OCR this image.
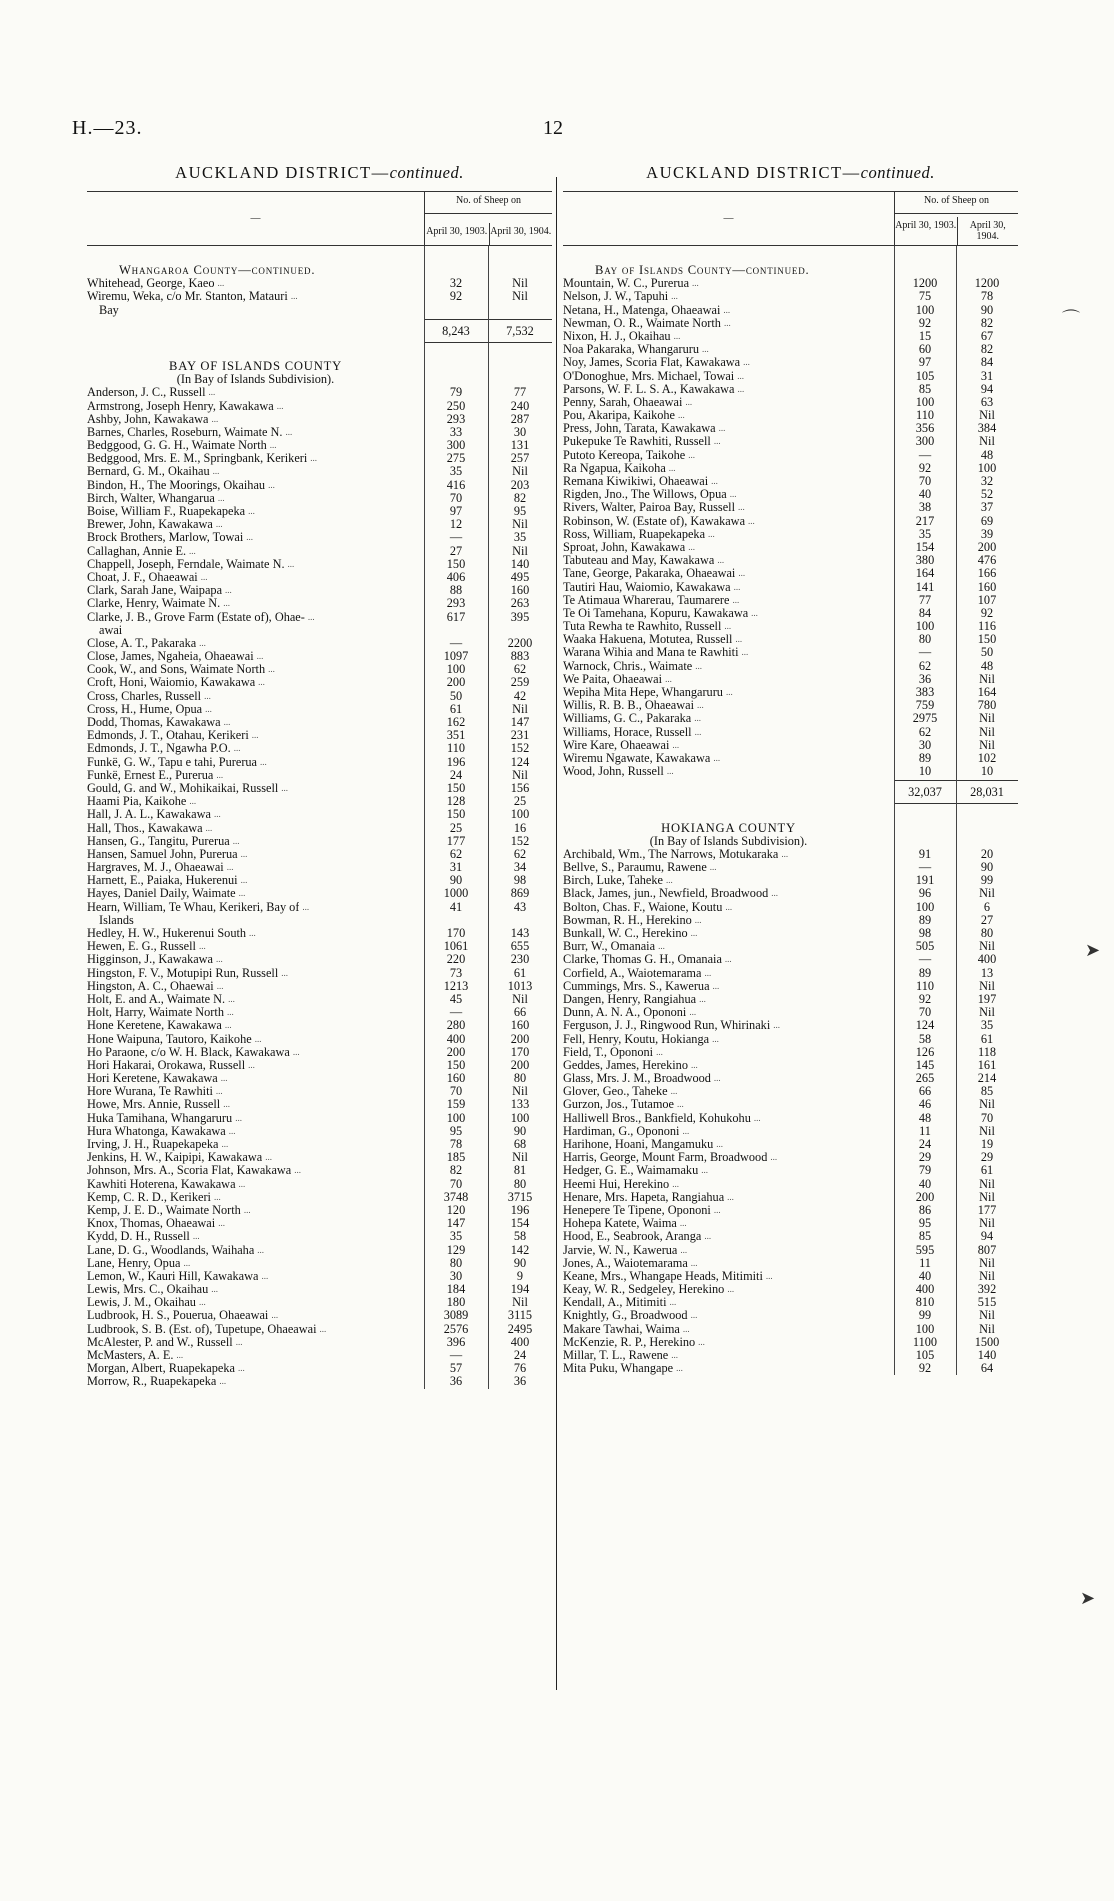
H.—23.	12
AUCKLAND DISTRICT—continued.
—
No. of Sheep on
April 30, 1903. April 30, 1904.
Whangaroa County—continued.
Whitehead, George, Kaeo ...	32	Nil
Wiremu, Weka, c/o Mr. Stanton, Matauri ...	92	Nil
Bay
8,243	7,532
BAY OF ISLANDS COUNTY
(In Bay of Islands Subdivision).
Anderson, J. C., Russell ...	79	77
Armstrong, Joseph Henry, Kawakawa ...	250	240
Ashby, John, Kawakawa ...	293	287
Barnes, Charles, Roseburn, Waimate N. ...	33	30
Bedggood, G. G. H., Waimate North ...	300	131
Bedggood, Mrs. E. M., Springbank, Kerikeri ...	275	257
Bernard, G. M., Okaihau ...	35	Nil
Bindon, H., The Moorings, Okaihau ...	416	203
Birch, Walter, Whangarua ...	70	82
Boise, William F., Ruapekapeka ...	97	95
Brewer, John, Kawakawa ...	12	Nil
Brock Brothers, Marlow, Towai ...	—	35
Callaghan, Annie E. ...	27	Nil
Chappell, Joseph, Ferndale, Waimate N. ...	150	140
Choat, J. F., Ohaeawai ...	406	495
Clark, Sarah Jane, Waipapa ...	88	160
Clarke, Henry, Waimate N. ...	293	263
Clarke, J. B., Grove Farm (Estate of), Ohae- ...	617	395
awai
Close, A. T., Pakaraka ...	—	2200
Close, James, Ngaheia, Ohaeawai ...	1097	883
Cook, W., and Sons, Waimate North ...	100	62
Croft, Honi, Waiomio, Kawakawa ...	200	259
Cross, Charles, Russell ...	50	42
Cross, H., Hume, Opua ...	61	Nil
Dodd, Thomas, Kawakawa ...	162	147
Edmonds, J. T., Otahau, Kerikeri ...	351	231
Edmonds, J. T., Ngawha P.O. ...	110	152
Funkë, G. W., Tapu e tahi, Purerua ...	196	124
Funkë, Ernest E., Purerua ...	24	Nil
Gould, G. and W., Mohikaikai, Russell ...	150	156
Haami Pia, Kaikohe ...	128	25
Hall, J. A. L., Kawakawa ...	150	100
Hall, Thos., Kawakawa ...	25	16
Hansen, G., Tangitu, Purerua ...	177	152
Hansen, Samuel John, Purerua ...	62	62
Hargraves, M. J., Ohaeawai ...	31	34
Harnett, E., Paiaka, Hukerenui ...	90	98
Hayes, Daniel Daily, Waimate ...	1000	869
Hearn, William, Te Whau, Kerikeri, Bay of ...	41	43
Islands
Hedley, H. W., Hukerenui South ...	170	143
Hewen, E. G., Russell ...	1061	655
Higginson, J., Kawakawa ...	220	230
Hingston, F. V., Motupipi Run, Russell ...	73	61
Hingston, A. C., Ohaewai ...	1213	1013
Holt, E. and A., Waimate N. ...	45	Nil
Holt, Harry, Waimate North ...	—	66
Hone Keretene, Kawakawa ...	280	160
Hone Waipuna, Tautoro, Kaikohe ...	400	200
Ho Paraone, c/o W. H. Black, Kawakawa ...	200	170
Hori Hakarai, Orokawa, Russell ...	150	200
Hori Keretene, Kawakawa ...	160	80
Hore Wurana, Te Rawhiti ...	70	Nil
Howe, Mrs. Annie, Russell ...	159	133
Huka Tamihana, Whangaruru ...	100	100
Hura Whatonga, Kawakawa ...	95	90
Irving, J. H., Ruapekapeka ...	78	68
Jenkins, H. W., Kaipipi, Kawakawa ...	185	Nil
Johnson, Mrs. A., Scoria Flat, Kawakawa ...	82	81
Kawhiti Hoterena, Kawakawa ...	70	80
Kemp, C. R. D., Kerikeri ...	3748	3715
Kemp, J. E. D., Waimate North ...	120	196
Knox, Thomas, Ohaeawai ...	147	154
Kydd, D. H., Russell ...	35	58
Lane, D. G., Woodlands, Waihaha ...	129	142
Lane, Henry, Opua ...	80	90
Lemon, W., Kauri Hill, Kawakawa ...	30	9
Lewis, Mrs. C., Okaihau ...	184	194
Lewis, J. M., Okaihau ...	180	Nil
Ludbrook, H. S., Pouerua, Ohaeawai ...	3089	3115
Ludbrook, S. B. (Est. of), Tupetupe, Ohaeawai ...	2576	2495
McAlester, P. and W., Russell ...	396	400
McMasters, A. E. ...	—	24
Morgan, Albert, Ruapekapeka ...	57	76
Morrow, R., Ruapekapeka ...	36	36
AUCKLAND DISTRICT—continued.
—
No. of Sheep on
April 30, 1903.	April 30, 1904.
Bay of Islands County—continued.
Mountain, W. C., Purerua ...	1200	1200
Nelson, J. W., Tapuhi ...	75	78
Netana, H., Matenga, Ohaeawai ...	100	90
Newman, O. R., Waimate North ...	92	82
Nixon, H. J., Okaihau ...	15	67
Noa Pakaraka, Whangaruru ...	60	82
Noy, James, Scoria Flat, Kawakawa ...	97	84
O'Donoghue, Mrs. Michael, Towai ...	105	31
Parsons, W. F. L. S. A., Kawakawa ...	85	94
Penny, Sarah, Ohaeawai ...	100	63
Pou, Akaripa, Kaikohe ...	110	Nil
Press, John, Tarata, Kawakawa ...	356	384
Pukepuke Te Rawhiti, Russell ...	300	Nil
Putoto Kereopa, Taikohe ...	—	48
Ra Ngapua, Kaikoha ...	92	100
Remana Kiwikiwi, Ohaeawai ...	70	32
Rigden, Jno., The Willows, Opua ...	40	52
Rivers, Walter, Pairoa Bay, Russell ...	38	37
Robinson, W. (Estate of), Kawakawa ...	217	69
Ross, William, Ruapekapeka ...	35	39
Sproat, John, Kawakawa ...	154	200
Tabuteau and May, Kawakawa ...	380	476
Tane, George, Pakaraka, Ohaeawai ...	164	166
Tautiri Hau, Waiomio, Kawakawa ...	141	160
Te Atimaua Wharerau, Taumarere ...	77	107
Te Oi Tamehana, Kopuru, Kawakawa ...	84	92
Tuta Rewha te Rawhito, Russell ...	100	116
Waaka Hakuena, Motutea, Russell ...	80	150
Warana Wihia and Mana te Rawhiti ...	—	50
Warnock, Chris., Waimate ...	62	48
We Paita, Ohaeawai ...	36	Nil
Wepiha Mita Hepe, Whangaruru ...	383	164
Willis, R. B. B., Ohaeawai ...	759	780
Williams, G. C., Pakaraka ...	2975	Nil
Williams, Horace, Russell ...	62	Nil
Wire Kare, Ohaeawai ...	30	Nil
Wiremu Ngawate, Kawakawa ...	89	102
Wood, John, Russell ...	10	10
32,037	28,031
HOKIANGA COUNTY
(In Bay of Islands Subdivision).
Archibald, Wm., The Narrows, Motukaraka ...	91	20
Bellve, S., Paraumu, Rawene ...	—	90
Birch, Luke, Taheke ...	191	99
Black, James, jun., Newfield, Broadwood ...	96	Nil
Bolton, Chas. F., Waione, Koutu ...	100	6
Bowman, R. H., Herekino ...	89	27
Bunkall, W. C., Herekino ...	98	80
Burr, W., Omanaia ...	505	Nil
Clarke, Thomas G. H., Omanaia ...	—	400
Corfield, A., Waiotemarama ...	89	13
Cummings, Mrs. S., Kawerua ...	110	Nil
Dangen, Henry, Rangiahua ...	92	197
Dunn, A. N. A., Opononi ...	70	Nil
Ferguson, J. J., Ringwood Run, Whirinaki ...	124	35
Fell, Henry, Koutu, Hokianga ...	58	61
Field, T., Opononi ...	126	118
Geddes, James, Herekino ...	145	161
Glass, Mrs. J. M., Broadwood ...	265	214
Glover, Geo., Taheke ...	66	85
Gurzon, Jos., Tutamoe ...	46	Nil
Halliwell Bros., Bankfield, Kohukohu ...	48	70
Hardiman, G., Opononi ...	11	Nil
Harihone, Hoani, Mangamuku ...	24	19
Harris, George, Mount Farm, Broadwood ...	29	29
Hedger, G. E., Waimamaku ...	79	61
Heemi Hui, Herekino ...	40	Nil
Henare, Mrs. Hapeta, Rangiahua ...	200	Nil
Henepere Te Tipene, Opononi ...	86	177
Hohepa Katete, Waima ...	95	Nil
Hood, E., Seabrook, Aranga ...	85	94
Jarvie, W. N., Kawerua ...	595	807
Jones, A., Waiotemarama ...	11	Nil
Keane, Mrs., Whangape Heads, Mitimiti ...	40	Nil
Keay, W. R., Sedgeley, Herekino ...	400	392
Kendall, A., Mitimiti ...	810	515
Knightly, G., Broadwood ...	99	Nil
Makare Tawhai, Waima ...	100	Nil
McKenzie, R. P., Herekino ...	1100	1500
Millar, T. L., Rawene ...	105	140
Mita Puku, Whangape ...	92	64
⌒
➤
➤
